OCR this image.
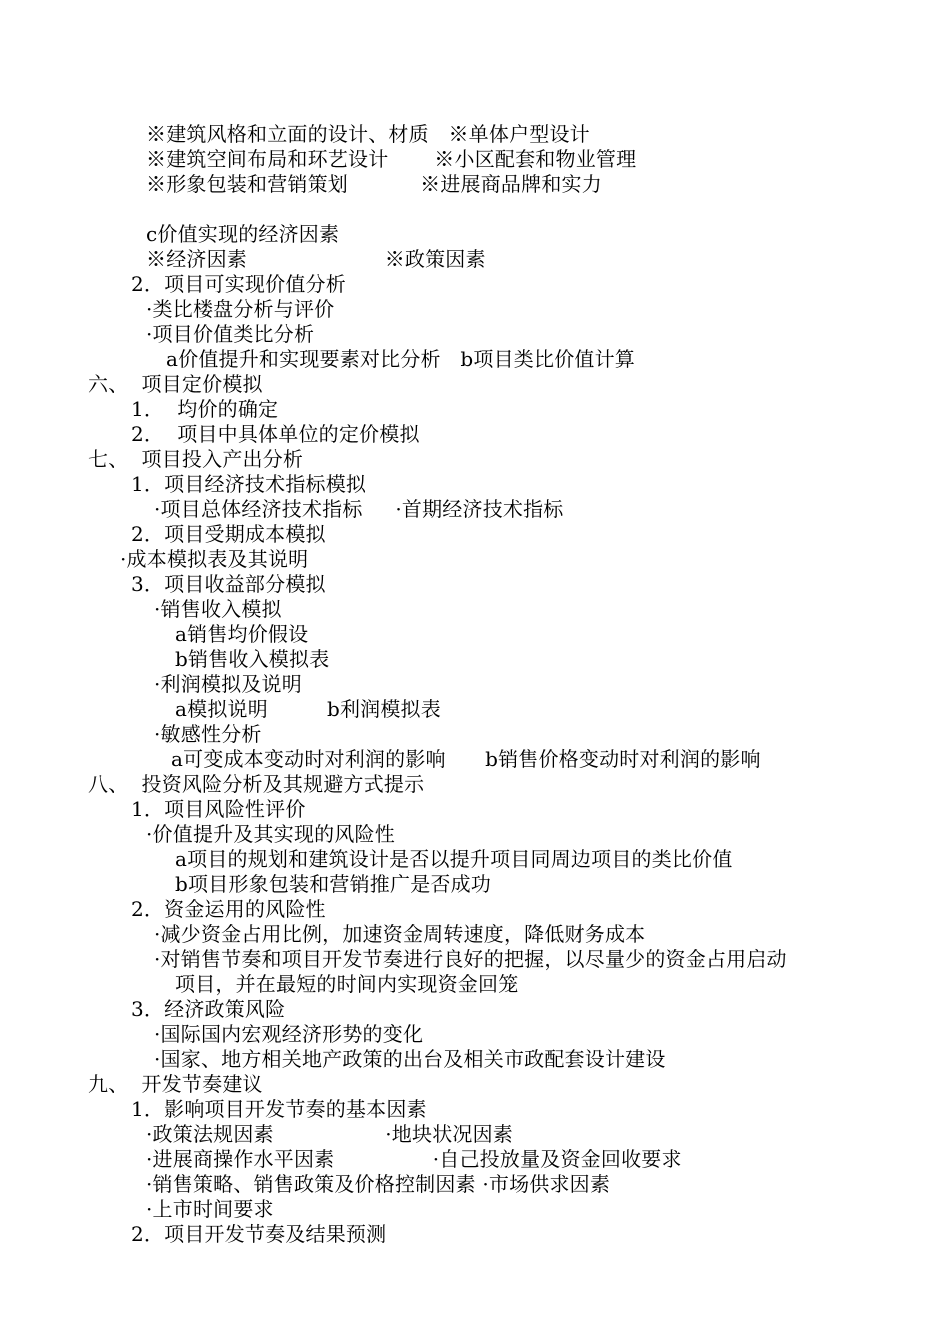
※建筑风格和立面的设计、材质   ※单体户型设计
※建筑空间布局和环艺设计       ※小区配套和物业管理
※形象包装和营销策划           ※进展商品牌和实力
c价值实现的经济因素
※经济因素                     ※政策因素
2．项目可实现价值分析
·类比楼盘分析与评价
·项目价值类比分析
a价值提升和实现要素对比分析   b项目类比价值计算
六、  项目定价模拟
1．  均价的确定
2．  项目中具体单位的定价模拟
七、  项目投入产出分析
1．项目经济技术指标模拟
·项目总体经济技术指标     ·首期经济技术指标
2．项目受期成本模拟
·成本模拟表及其说明
3．项目收益部分模拟
·销售收入模拟
a销售均价假设
b销售收入模拟表
·利润模拟及说明
a模拟说明         b利润模拟表
·敏感性分析
a可变成本变动时对利润的影响      b销售价格变动时对利润的影响
八、  投资风险分析及其规避方式提示
1．项目风险性评价
·价值提升及其实现的风险性
a项目的规划和建筑设计是否以提升项目同周边项目的类比价值
b项目形象包装和营销推广是否成功
2．资金运用的风险性
·减少资金占用比例，加速资金周转速度，降低财务成本
·对销售节奏和项目开发节奏进行良好的把握，以尽量少的资金占用启动
项目，并在最短的时间内实现资金回笼
3．经济政策风险
·国际国内宏观经济形势的变化
·国家、地方相关地产政策的出台及相关市政配套设计建设
九、  开发节奏建议
1．影响项目开发节奏的基本因素
·政策法规因素                 ·地块状况因素
·进展商操作水平因素               ·自己投放量及资金回收要求
·销售策略、销售政策及价格控制因素 ·市场供求因素
·上市时间要求
2．项目开发节奏及结果预测
